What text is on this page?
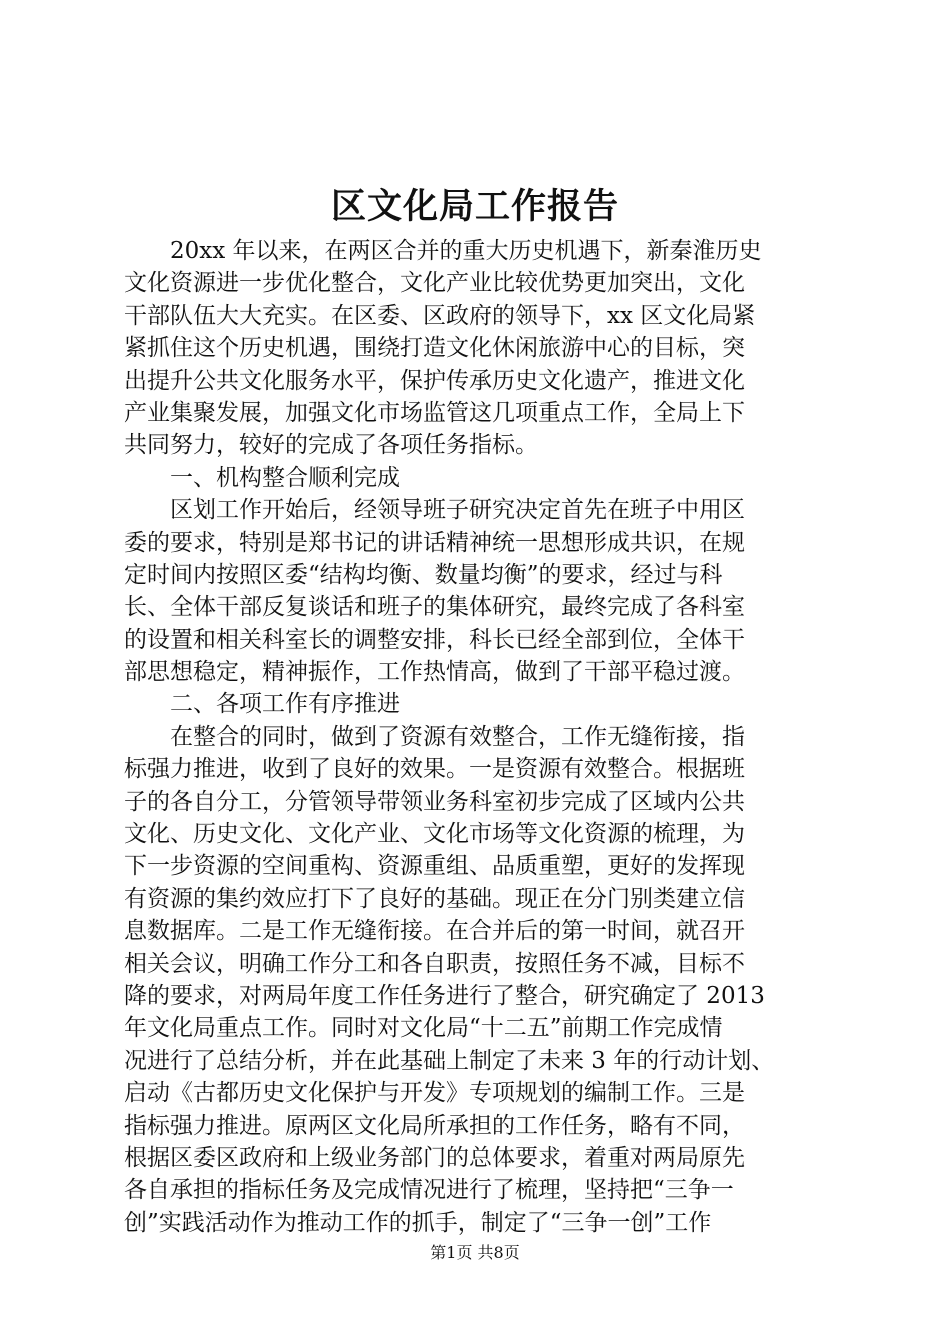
区文化局工作报告
20xx 年以来，在两区合并的重大历史机遇下，新秦淮历史
文化资源进一步优化整合，文化产业比较优势更加突出，文化
干部队伍大大充实。在区委、区政府的领导下，xx 区文化局紧
紧抓住这个历史机遇，围绕打造文化休闲旅游中心的目标，突
出提升公共文化服务水平，保护传承历史文化遗产，推进文化
产业集聚发展，加强文化市场监管这几项重点工作，全局上下
共同努力，较好的完成了各项任务指标。
一、机构整合顺利完成
区划工作开始后，经领导班子研究决定首先在班子中用区
委的要求，特别是郑书记的讲话精神统一思想形成共识，在规
定时间内按照区委“结构均衡、数量均衡”的要求，经过与科
长、全体干部反复谈话和班子的集体研究，最终完成了各科室
的设置和相关科室长的调整安排，科长已经全部到位，全体干
部思想稳定，精神振作，工作热情高，做到了干部平稳过渡。
二、各项工作有序推进
在整合的同时，做到了资源有效整合，工作无缝衔接，指
标强力推进，收到了良好的效果。一是资源有效整合。根据班
子的各自分工，分管领导带领业务科室初步完成了区域内公共
文化、历史文化、文化产业、文化市场等文化资源的梳理，为
下一步资源的空间重构、资源重组、品质重塑，更好的发挥现
有资源的集约效应打下了良好的基础。现正在分门别类建立信
息数据库。二是工作无缝衔接。在合并后的第一时间，就召开
相关会议，明确工作分工和各自职责，按照任务不减，目标不
降的要求，对两局年度工作任务进行了整合，研究确定了 2013
年文化局重点工作。同时对文化局“十二五”前期工作完成情
况进行了总结分析，并在此基础上制定了未来 3 年的行动计划、
启动《古都历史文化保护与开发》专项规划的编制工作。三是
指标强力推进。原两区文化局所承担的工作任务，略有不同，
根据区委区政府和上级业务部门的总体要求，着重对两局原先
各自承担的指标任务及完成情况进行了梳理，坚持把“三争一
创”实践活动作为推动工作的抓手，制定了“三争一创”工作
第1页 共8页
